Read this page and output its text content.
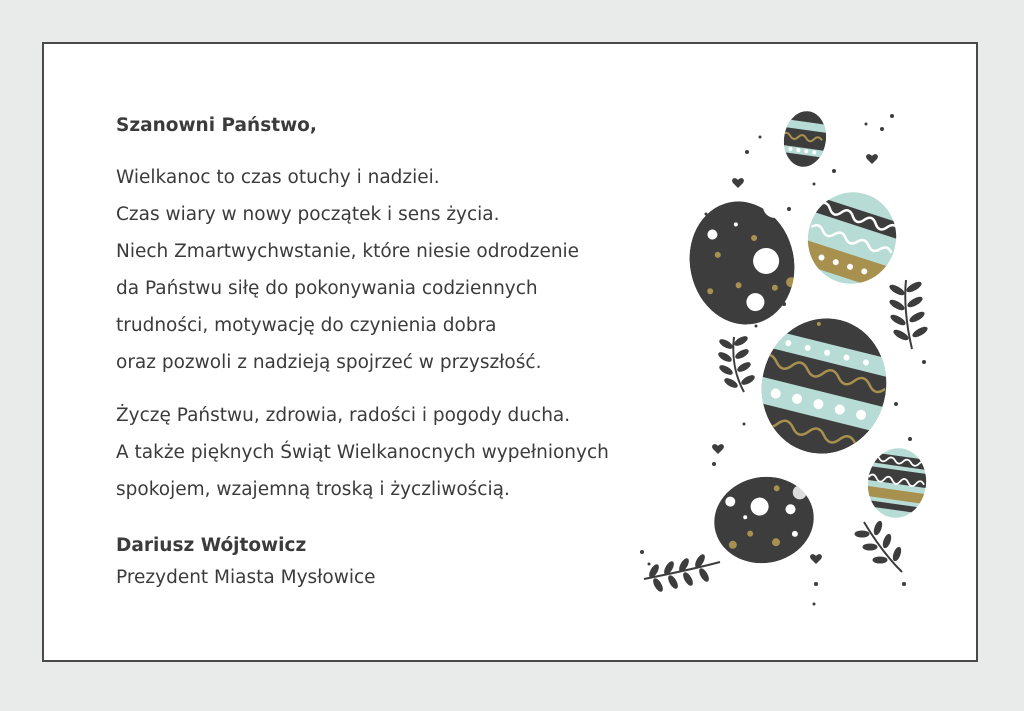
Szanowni Państwo,
Wielkanoc to czas otuchy i nadziei.
Czas wiary w nowy początek i sens życia.
Niech Zmartwychwstanie, które niesie odrodzenie
da Państwu siłę do pokonywania codziennych
trudności, motywację do czynienia dobra
oraz pozwoli z nadzieją spojrzeć w przyszłość.
Życzę Państwu, zdrowia, radości i pogody ducha.
A także pięknych Świąt Wielkanocnych wypełnionych
spokojem, wzajemną troską i życzliwością.
Dariusz Wójtowicz
Prezydent Miasta Mysłowice
